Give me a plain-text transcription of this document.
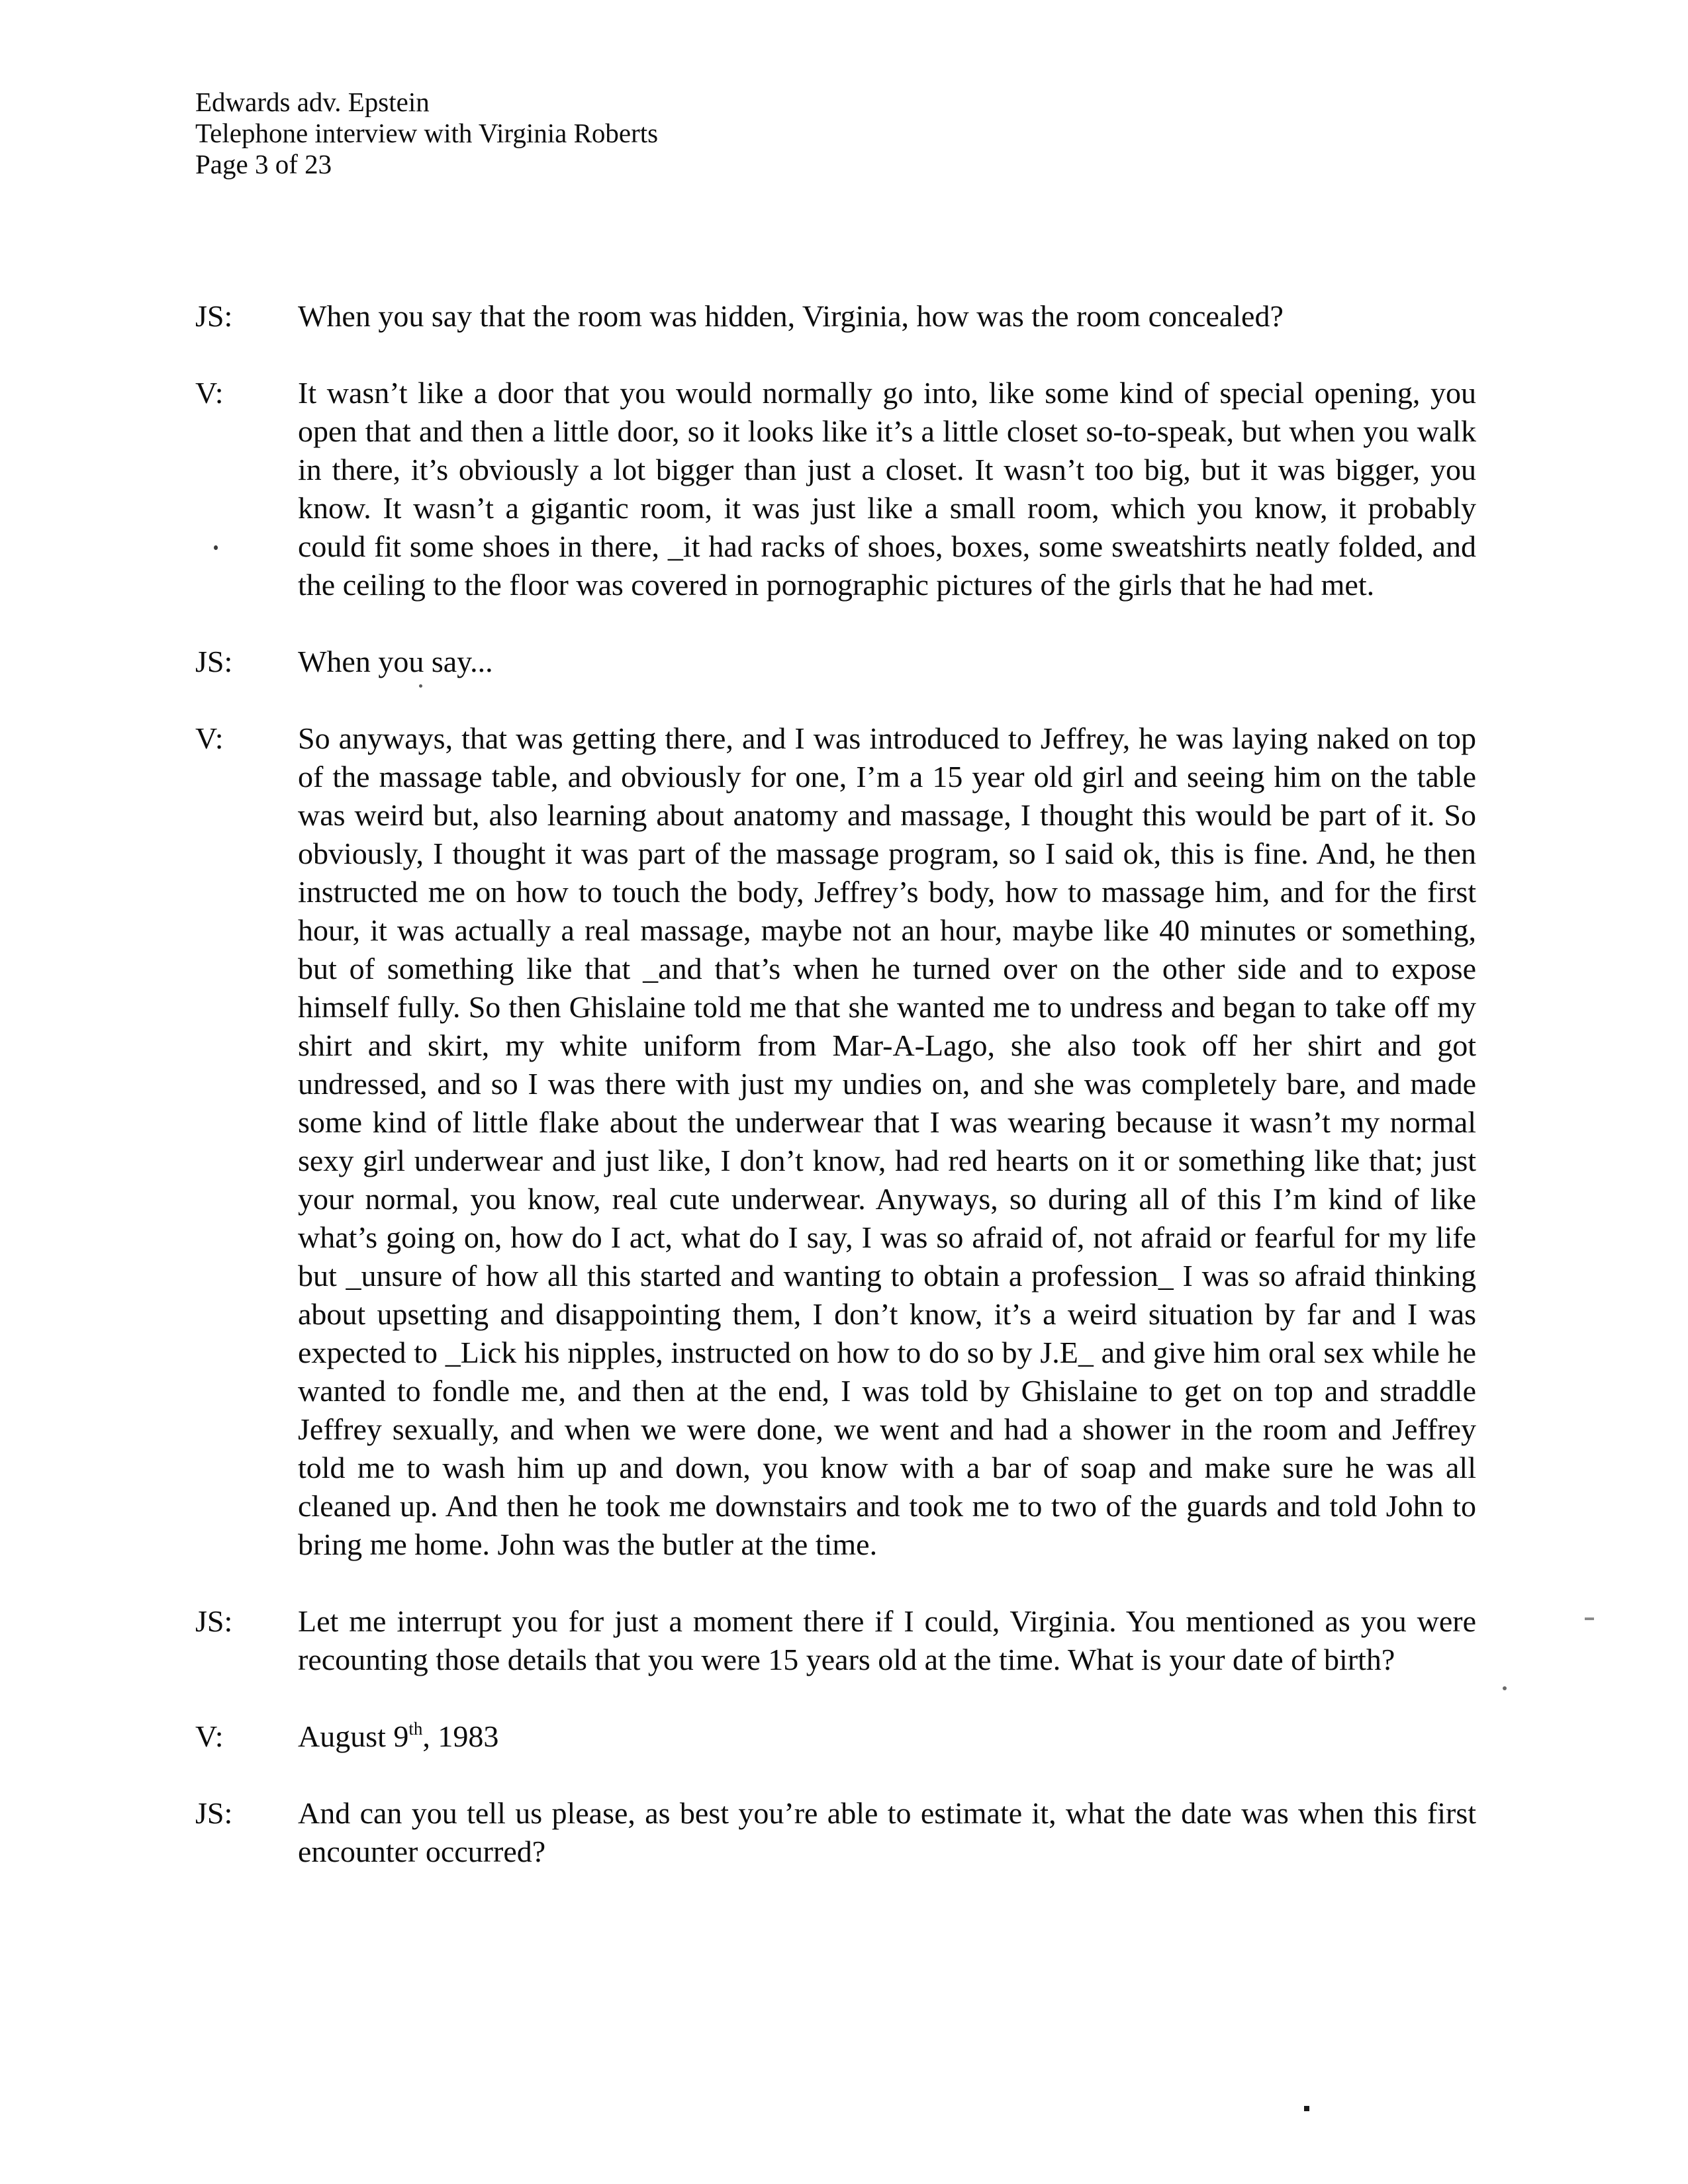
Edwards adv. Epstein
Telephone interview with Virginia Roberts
Page 3 of 23
JS:	When you say that the room was hidden, Virginia, how was the room concealed?
V:	It wasn’t like a door that you would normally go into, like some kind of special opening, you open that and then a little door, so it looks like it’s a little closet so-to-speak, but when you walk in there, it’s obviously a lot bigger than just a closet. It wasn’t too big, but it was bigger, you know. It wasn’t a gigantic room, it was just like a small room, which you know, it probably could fit some shoes in there, _it had racks of shoes, boxes, some sweatshirts neatly folded, and the ceiling to the floor was covered in pornographic pictures of the girls that he had met.
JS:	When you say...
V:	So anyways, that was getting there, and I was introduced to Jeffrey, he was laying naked on top of the massage table, and obviously for one, I’m a 15 year old girl and seeing him on the table was weird but, also learning about anatomy and massage, I thought this would be part of it. So obviously, I thought it was part of the massage program, so I said ok, this is fine. And, he then instructed me on how to touch the body, Jeffrey’s body, how to massage him, and for the first hour, it was actually a real massage, maybe not an hour, maybe like 40 minutes or something, but of something like that _and that’s when he turned over on the other side and to expose himself fully. So then Ghislaine told me that she wanted me to undress and began to take off my shirt and skirt, my white uniform from Mar-A-Lago, she also took off her shirt and got undressed, and so I was there with just my undies on, and she was completely bare, and made some kind of little flake about the underwear that I was wearing because it wasn’t my normal sexy girl underwear and just like, I don’t know, had red hearts on it or something like that; just your normal, you know, real cute underwear. Anyways, so during all of this I’m kind of like what’s going on, how do I act, what do I say, I was so afraid of, not afraid or fearful for my life but _unsure of how all this started and wanting to obtain a profession_ I was so afraid thinking about upsetting and disappointing them, I don’t know, it’s a weird situation by far and I was expected to _Lick his nipples, instructed on how to do so by J.E_ and give him oral sex while he wanted to fondle me, and then at the end, I was told by Ghislaine to get on top and straddle Jeffrey sexually, and when we were done, we went and had a shower in the room and Jeffrey told me to wash him up and down, you know with a bar of soap and make sure he was all cleaned up. And then he took me downstairs and took me to two of the guards and told John to bring me home. John was the butler at the time.
JS:	Let me interrupt you for just a moment there if I could, Virginia. You mentioned as you were recounting those details that you were 15 years old at the time. What is your date of birth?
V:	August 9th, 1983
JS:	And can you tell us please, as best you’re able to estimate it, what the date was when this first encounter occurred?
